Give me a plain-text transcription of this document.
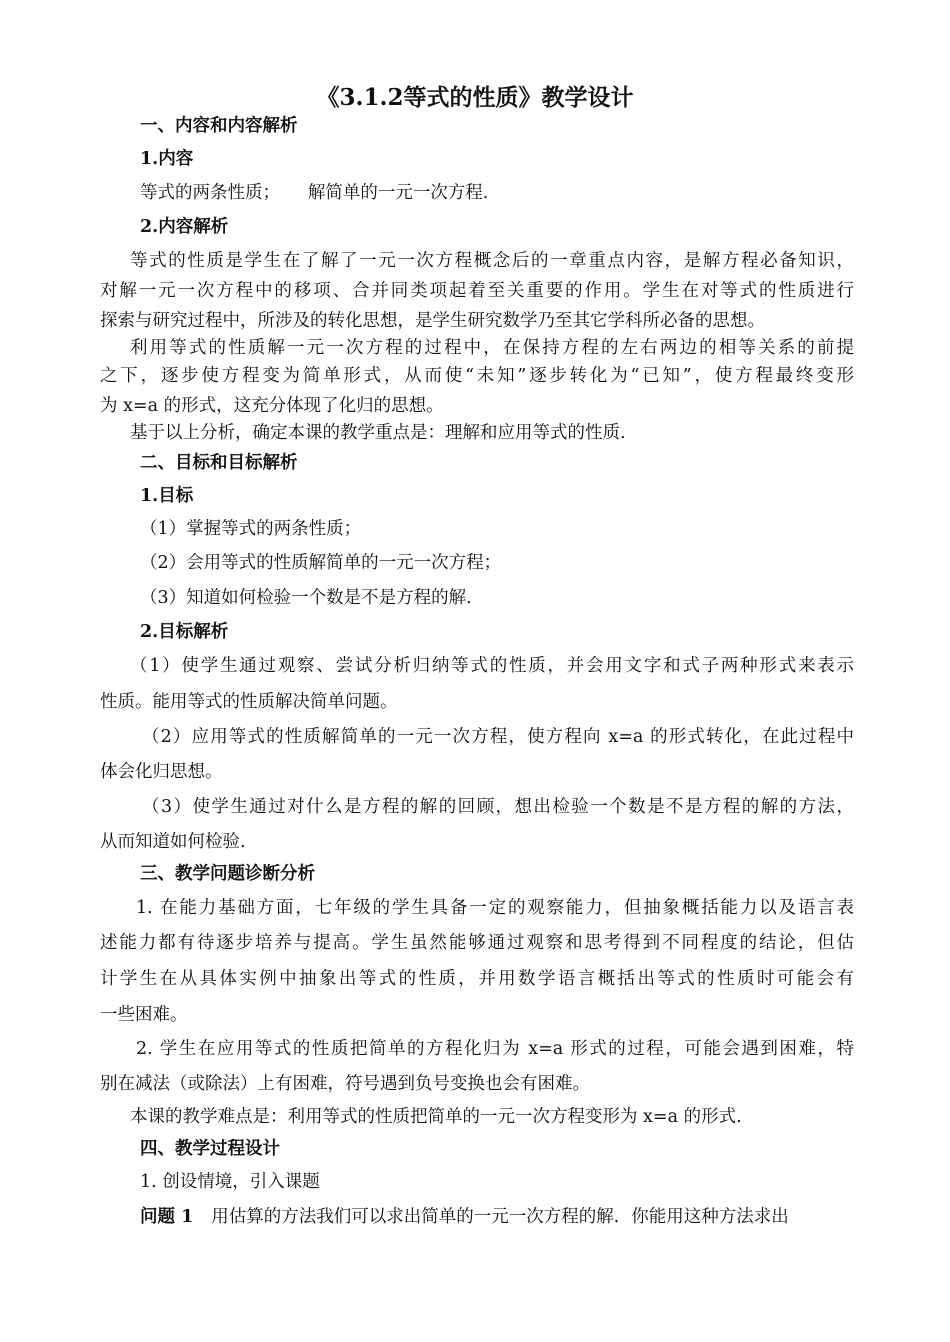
《3.1.2等式的性质》教学设计
一、内容和内容解析
1.内容
等式的两条性质；     解简单的一元一次方程.
2.内容解析
等式的性质是学生在了解了一元一次方程概念后的一章重点内容，是解方程必备知识，
对解一元一次方程中的移项、合并同类项起着至关重要的作用。学生在对等式的性质进行
探索与研究过程中，所涉及的转化思想，是学生研究数学乃至其它学科所必备的思想。
利用等式的性质解一元一次方程的过程中，在保持方程的左右两边的相等关系的前提
之下，逐步使方程变为简单形式，从而使“未知”逐步转化为“已知”，使方程最终变形
为 x=a 的形式，这充分体现了化归的思想。
基于以上分析，确定本课的教学重点是：理解和应用等式的性质.
二、目标和目标解析
1.目标
（1）掌握等式的两条性质；
（2）会用等式的性质解简单的一元一次方程；
（3）知道如何检验一个数是不是方程的解.
2.目标解析
（1）使学生通过观察、尝试分析归纳等式的性质，并会用文字和式子两种形式来表示
性质。能用等式的性质解决简单问题。
（2）应用等式的性质解简单的一元一次方程，使方程向 x=a 的形式转化，在此过程中
体会化归思想。
（3）使学生通过对什么是方程的解的回顾，想出检验一个数是不是方程的解的方法，
从而知道如何检验.
三、教学问题诊断分析
1. 在能力基础方面，七年级的学生具备一定的观察能力，但抽象概括能力以及语言表
述能力都有待逐步培养与提高。学生虽然能够通过观察和思考得到不同程度的结论，但估
计学生在从具体实例中抽象出等式的性质，并用数学语言概括出等式的性质时可能会有
一些困难。
2. 学生在应用等式的性质把简单的方程化归为 x=a 形式的过程，可能会遇到困难，特
别在减法（或除法）上有困难，符号遇到负号变换也会有困难。
本课的教学难点是：利用等式的性质把简单的一元一次方程变形为 x=a 的形式.
四、教学过程设计
1. 创设情境，引入课题
问题 1 用估算的方法我们可以求出简单的一元一次方程的解．你能用这种方法求出
